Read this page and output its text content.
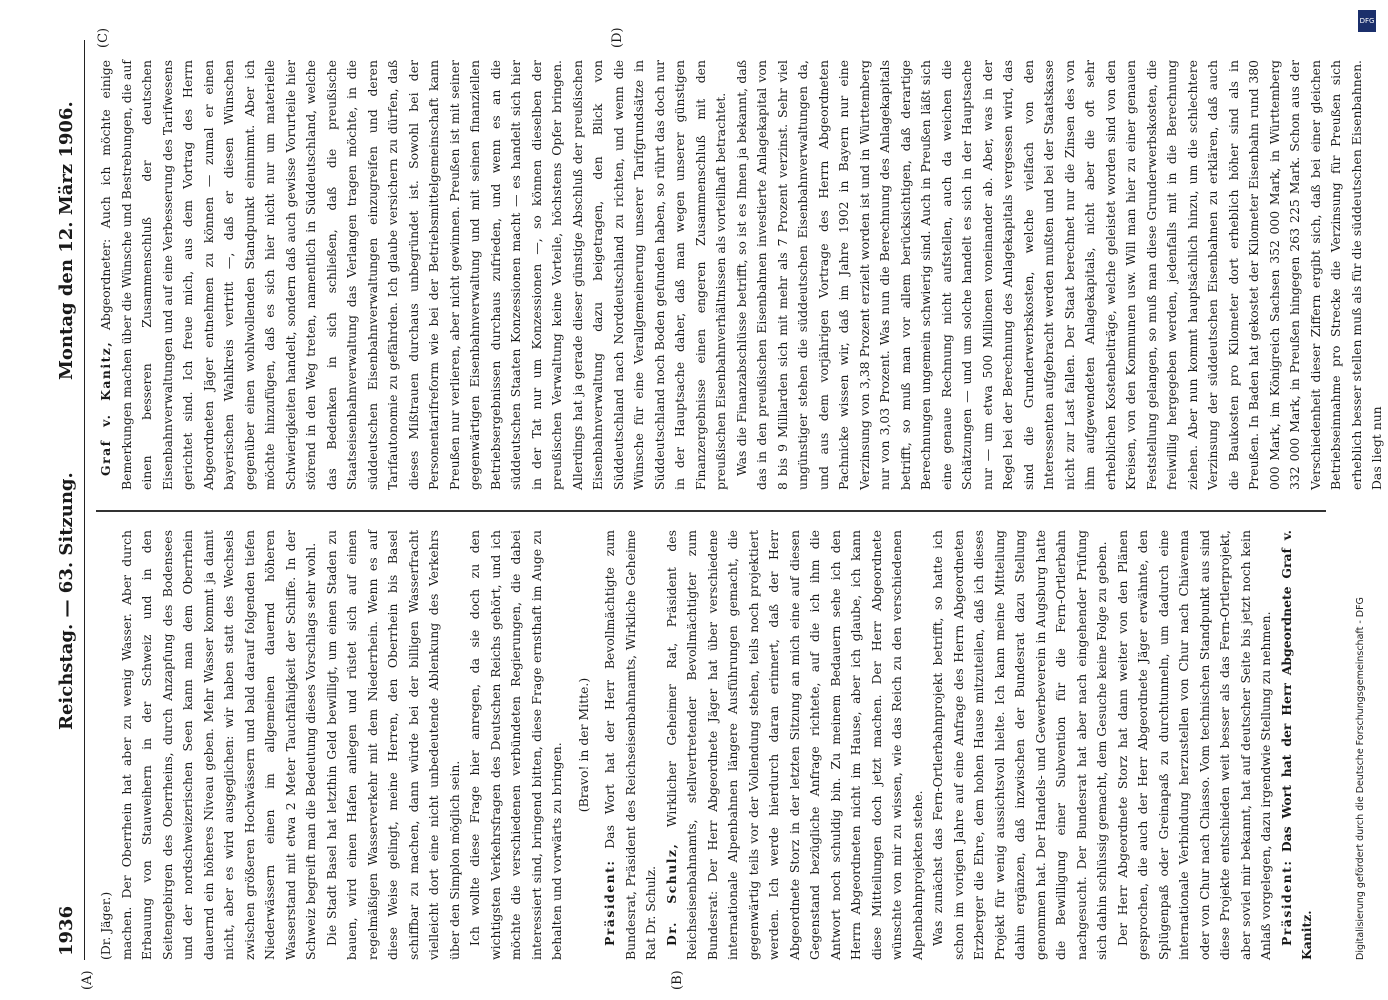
DFG
Digitalisierung gefördert durch die Deutsche Forschungsgemeinschaft - DFG
1936
Reichstag. — 63. Sitzung.
Montag den 12. März 1906.
(A)	(B)
(C)	(D)

(Dr. Jäger.) machen. Der Oberrhein hat aber zu wenig Wasser. Aber durch Erbauung von Stauweihern in der Schweiz und in den Seitengebirgen des Oberrheins, durch Anzapfung des Bodensees und der nordschweizerischen Seen kann man dem Oberrhein dauernd ein höheres Niveau geben. Mehr Wasser kommt ja damit nicht, aber es wird ausgeglichen: wir haben statt des Wechsels zwischen größeren Hochwässern und bald darauf folgenden tiefen Niederwässern einen im allgemeinen dauernd höheren Wasserstand mit etwa 2 Meter Tauchfähigkeit der Schiffe. In der Schweiz begreift man die Bedeutung dieses Vorschlags sehr wohl. Die Stadt Basel hat letzthin Geld bewilligt, um einen Staden zu bauen, wird einen Hafen anlegen und rüstet sich auf einen regelmäßigen Wasserverkehr mit dem Niederrhein. Wenn es auf diese Weise gelingt, meine Herren, den Oberrhein bis Basel schiffbar zu machen, dann würde bei der billigen Wasserfracht vielleicht dort eine nicht unbedeutende Ablenkung des Verkehrs über den Simplon möglich sein. Ich wollte diese Frage hier anregen, da sie doch zu den wichtigsten Verkehrsfragen des Deutschen Reichs gehört, und ich möchte die verschiedenen verbündeten Regierungen, die dabei interessiert sind, bringend bitten, diese Frage ernsthaft im Auge zu behalten und vorwärts zu bringen. (Bravo! in der Mitte.)

Präsident: Das Wort hat der Herr Bevollmächtigte zum Bundesrat, Präsident des Reichseisenbahnamts, Wirkliche Geheime Rat Dr. Schulz. Dr. Schulz, Wirklicher Geheimer Rat, Präsident des Reichseisenbahnamts, stellvertretender Bevollmächtigter zum Bundesrat: Der Herr Abgeordnete Jäger hat über verschiedene internationale Alpenbahnen längere Ausführungen gemacht, die gegenwärtig teils vor der Vollendung stehen, teils noch projektiert werden. Ich werde hierdurch daran erinnert, daß der Herr Abgeordnete Storz in der letzten Sitzung an mich eine auf diesen Gegenstand bezügliche Anfrage richtete, auf die ich ihm die Antwort noch schuldig bin. Zu meinem Bedauern sehe ich den Herrn Abgeordneten nicht im Hause, aber ich glaube, ich kann diese Mitteilungen doch jetzt machen. Der Herr Abgeordnete wünschte von mir zu wissen, wie das Reich zu den verschiedenen Alpenbahnprojekten stehe. Was zunächst das Fern-Ortlerbahnprojekt betrifft, so hatte ich schon im vorigen Jahre auf eine Anfrage des Herrn Abgeordneten Erzberger die Ehre, dem hohen Hause mitzuteilen, daß ich dieses Projekt für wenig aussichtsvoll hielte. Ich kann meine Mitteilung dahin ergänzen, daß inzwischen der Bundesrat dazu Stellung genommen hat. Der Handels- und Gewerbeverein in Augsburg hatte die Bewilligung einer Subvention für die Fern-Ortlerbahn nachgesucht. Der Bundesrat hat aber nach eingehender Prüfung sich dahin schlüssig gemacht, dem Gesuche keine Folge zu geben. Der Herr Abgeordnete Storz hat dann weiter von den Plänen gesprochen, die auch der Herr Abgeordnete Jäger erwähnte, den Splügenpaß oder Greinapaß zu durchtunneln, um dadurch eine internationale Verbindung herzustellen von Chur nach Chiavenna oder von Chur nach Chiasso. Vom technischen Standpunkt aus sind diese Projekte entschieden weit besser als das Fern-Ortlerprojekt, aber soviel mir bekannt, hat auf deutscher Seite bis jetzt noch kein Anlaß vorgelegen, dazu irgendwie Stellung zu nehmen. Präsident: Das Wort hat der Herr Abgeordnete Graf v. Kanitz.

Graf v. Kanitz, Abgeordneter: Auch ich möchte einige Bemerkungen machen über die Wünsche und Bestrebungen, die auf einen besseren Zusammenschluß der deutschen Eisenbahnverwaltungen und auf eine Verbesserung des Tarifwesens gerichtet sind. Ich freue mich, aus dem Vortrag des Herrn Abgeordneten Jäger entnehmen zu können — zumal er einen bayerischen Wahlkreis vertritt —, daß er diesen Wünschen gegenüber einen wohlwollenden Standpunkt einnimmt. Aber ich möchte hinzufügen, daß es sich hier nicht nur um materielle Schwierigkeiten handelt, sondern daß auch gewisse Vorurteile hier störend in den Weg treten, namentlich in Süddeutschland, welche das Bedenken in sich schließen, daß die preußische Staatseisenbahnverwaltung das Verlangen tragen möchte, in die süddeutschen Eisenbahnverwaltungen einzugreifen und deren Tarifautonomie zu gefährden. Ich glaube versichern zu dürfen, daß dieses Mißtrauen durchaus unbegründet ist. Sowohl bei der Personentarifreform wie bei der Betriebsmittelgemeinschaft kann Preußen nur verlieren, aber nicht gewinnen. Preußen ist mit seiner gegenwärtigen Eisenbahnverwaltung und mit seinen finanziellen Betriebsergebnissen durchaus zufrieden, und wenn es an die süddeutschen Staaten Konzessionen macht — es handelt sich hier in der Tat nur um Konzessionen —, so können dieselben der preußischen Verwaltung keine Vorteile, höchstens Opfer bringen. Allerdings hat ja gerade dieser günstige Abschluß der preußischen Eisenbahnverwaltung dazu beigetragen, den Blick von Süddeutschland nach Norddeutschland zu richten, und wenn die Wünsche für eine Verallgemeinerung unserer Tarifgrundsätze in Süddeutschland noch Boden gefunden haben, so rührt das doch nur in der Hauptsache daher, daß man wegen unserer günstigen Finanzergebnisse einen engeren Zusammenschluß mit den preußischen Eisenbahnverhältnissen als vorteilhaft betrachtet. Was die Finanzabschlüsse betrifft, so ist es Ihnen ja bekannt, daß das in den preußischen Eisenbahnen investierte Anlagekapital von 8 bis 9 Milliarden sich mit mehr als 7 Prozent verzinst. Sehr viel ungünstiger stehen die süddeutschen Eisenbahnverwaltungen da, und aus dem vorjährigen Vortrage des Herrn Abgeordneten Pachnicke wissen wir, daß im Jahre 1902 in Bayern nur eine Verzinsung von 3,38 Prozent erzielt worden ist und in Württemberg nur von 3,03 Prozent. Was nun die Berechnung des Anlagekapitals betrifft, so muß man vor allem berücksichtigen, daß derartige Berechnungen ungemein schwierig sind. Auch in Preußen läßt sich eine genaue Rechnung nicht aufstellen, auch da weichen die Schätzungen — und um solche handelt es sich in der Hauptsache nur — um etwa 500 Millionen voneinander ab. Aber, was in der Regel bei der Berechnung des Anlagekapitals vergessen wird, das sind die Grunderwerbskosten, welche vielfach von den Interessenten aufgebracht werden mußten und bei der Staatskasse nicht zur Last fallen. Der Staat berechnet nur die Zinsen des von ihm aufgewendeten Anlagekapitals, nicht aber die oft sehr erheblichen Kostenbeiträge, welche geleistet worden sind von den Kreisen, von den Kommunen usw. Will man hier zu einer genauen Feststellung gelangen, so muß man diese Grunderwerbskosten, die freiwillig hergegeben werden, jedenfalls mit in die Berechnung ziehen. Aber nun kommt hauptsächlich hinzu, um die schlechtere Verzinsung der süddeutschen Eisenbahnen zu erklären, daß auch die Baukosten pro Kilometer dort erheblich höher sind als in Preußen. In Baden hat gekostet der Kilometer Eisenbahn rund 380 000 Mark, im Königreich Sachsen 352 000 Mark, in Württemberg 332 000 Mark, in Preußen hingegen 263 225 Mark. Schon aus der Verschiedenheit dieser Ziffern ergibt sich, daß bei einer gleichen Betriebseinnahme pro Strecke die Verzinsung für Preußen sich erheblich besser stellen muß als für die süddeutschen Eisenbahnen. Das liegt nun
